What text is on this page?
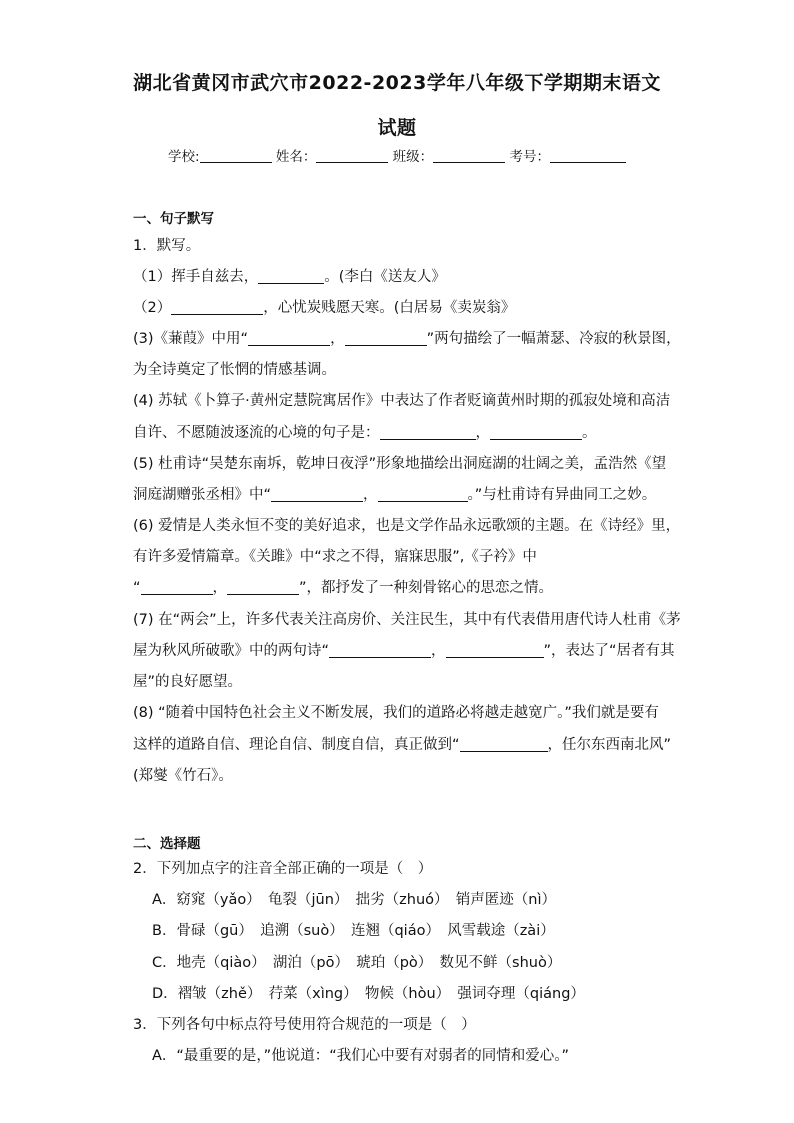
湖北省黄冈市武穴市2022-2023学年八年级下学期期末语文
试题
学校:	姓名：	班级：	考号：
一、句子默写
1．默写。
（1）挥手自兹去，	。(李白《送友人》
（2）	，心忧炭贱愿天寒。(白居易《卖炭翁》
(3)《蒹葭》中用“	，	”两句描绘了一幅萧瑟、冷寂的秋景图，
为全诗奠定了怅惘的情感基调。
(4) 苏轼《卜算子·黄州定慧院寓居作》中表达了作者贬谪黄州时期的孤寂处境和高洁
自许、不愿随波逐流的心境的句子是：	，	。
(5) 杜甫诗“吴楚东南坼，乾坤日夜浮”形象地描绘出洞庭湖的壮阔之美，孟浩然《望
洞庭湖赠张丞相》中“	，	。”与杜甫诗有异曲同工之妙。
(6) 爱情是人类永恒不变的美好追求，也是文学作品永远歌颂的主题。在《诗经》里，
有许多爱情篇章。《关雎》中“求之不得，寤寐思服”,《子衿》中
“	，	”，都抒发了一种刻骨铭心的思恋之情。
(7) 在“两会”上，许多代表关注高房价、关注民生，其中有代表借用唐代诗人杜甫《茅
屋为秋风所破歌》中的两句诗“	，	”，表达了“居者有其
屋”的良好愿望。
(8) “随着中国特色社会主义不断发展，我们的道路必将越走越宽广。”我们就是要有
这样的道路自信、理论自信、制度自信，真正做到“	，任尔东西南北风”
(郑燮《竹石》。
二、选择题
2．下列加点字的注音全部正确的一项是（　）
A．窈窕（yǎo）　龟裂（jūn）　拙劣（zhuó）　销声匿迹（nì）
B．骨碌（gū）　追溯（suò）　连翘（qiáo）　风雪载途（zài）
C．地壳（qiào）　湖泊（pō）　琥珀（pò）　数见不鲜（shuò）
D．褶皱（zhě）　荇菜（xìng）　物候（hòu）　强词夺理（qiáng）
3．下列各句中标点符号使用符合规范的一项是（　）
A．“最重要的是，”他说道：“我们心中要有对弱者的同情和爱心。”
